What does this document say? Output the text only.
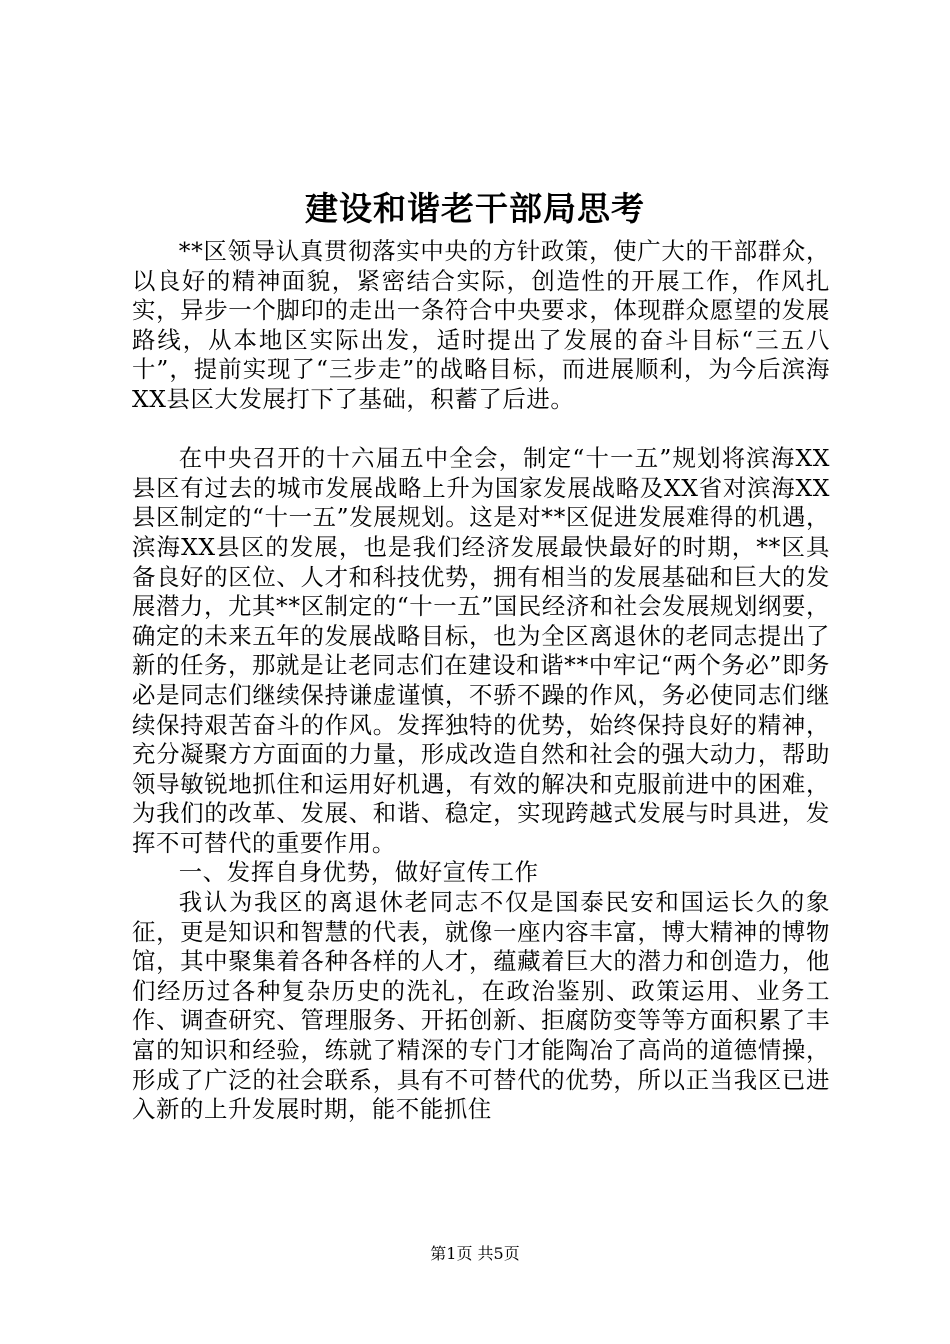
建设和谐老干部局思考

**区领导认真贯彻落实中央的方针政策，使广大的干部群众，以良好的精神面貌，紧密结合实际，创造性的开展工作，作风扎实，异步一个脚印的走出一条符合中央要求，体现群众愿望的发展路线，从本地区实际出发，适时提出了发展的奋斗目标“三五八十”，提前实现了“三步走”的战略目标，而进展顺利，为今后滨海XX县区大发展打下了基础，积蓄了后进。

在中央召开的十六届五中全会，制定“十一五”规划将滨海XX县区有过去的城市发展战略上升为国家发展战略及XX省对滨海XX县区制定的“十一五”发展规划。这是对**区促进发展难得的机遇，滨海XX县区的发展，也是我们经济发展最快最好的时期，**区具备良好的区位、人才和科技优势，拥有相当的发展基础和巨大的发展潜力，尤其**区制定的“十一五”国民经济和社会发展规划纲要，确定的未来五年的发展战略目标，也为全区离退休的老同志提出了新的任务，那就是让老同志们在建设和谐**中牢记“两个务必”即务必是同志们继续保持谦虚谨慎，不骄不躁的作风，务必使同志们继续保持艰苦奋斗的作风。发挥独特的优势，始终保持良好的精神，充分凝聚方方面面的力量，形成改造自然和社会的强大动力，帮助领导敏锐地抓住和运用好机遇，有效的解决和克服前进中的困难，为我们的改革、发展、和谐、稳定，实现跨越式发展与时具进，发挥不可替代的重要作用。

一、发挥自身优势，做好宣传工作

我认为我区的离退休老同志不仅是国泰民安和国运长久的象征，更是知识和智慧的代表，就像一座内容丰富，博大精神的博物馆，其中聚集着各种各样的人才，蕴藏着巨大的潜力和创造力，他们经历过各种复杂历史的洗礼，在政治鉴别、政策运用、业务工作、调查研究、管理服务、开拓创新、拒腐防变等等方面积累了丰富的知识和经验，练就了精深的专门才能陶冶了高尚的道德情操，形成了广泛的社会联系，具有不可替代的优势，所以正当我区已进入新的上升发展时期，能不能抓住

第1页 共5页
